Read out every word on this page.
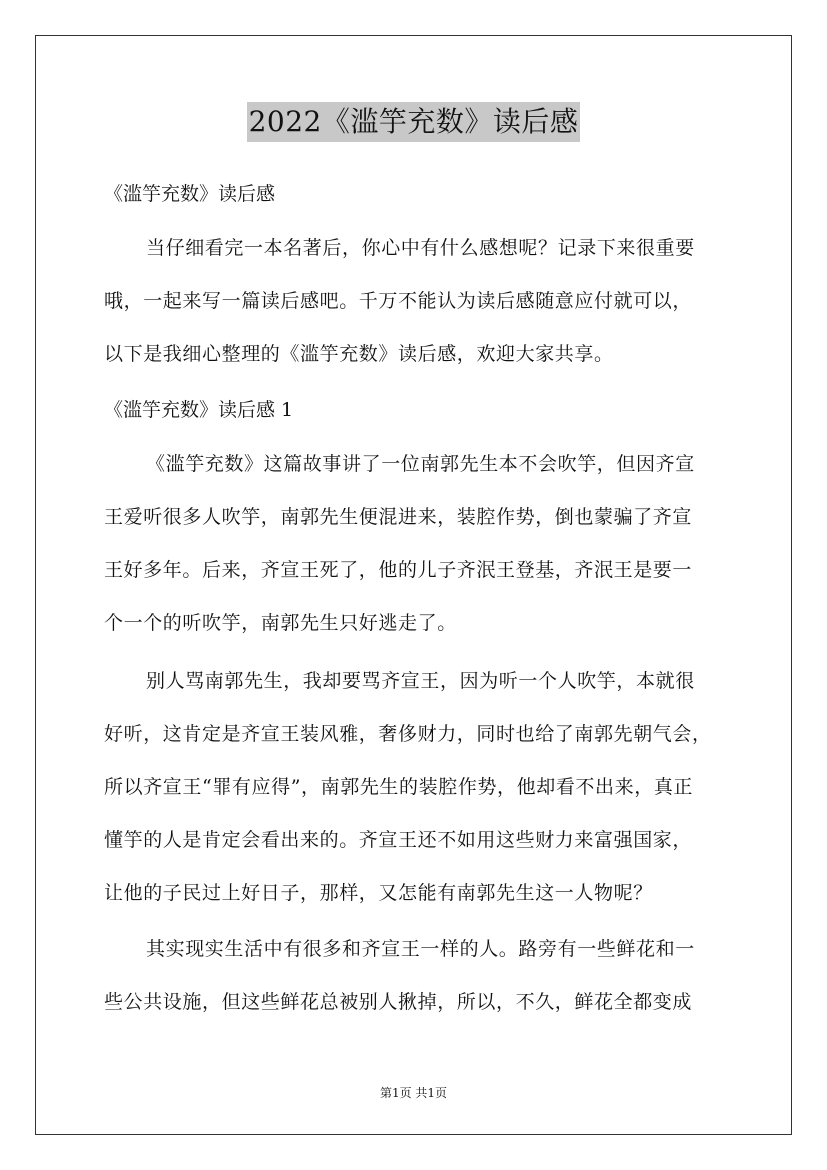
2022《滥竽充数》读后感
《滥竽充数》读后感
当仔细看完一本名著后，你心中有什么感想呢？记录下来很重要
哦，一起来写一篇读后感吧。千万不能认为读后感随意应付就可以，
以下是我细心整理的《滥竽充数》读后感，欢迎大家共享。
《滥竽充数》读后感 1
《滥竽充数》这篇故事讲了一位南郭先生本不会吹竽，但因齐宣
王爱听很多人吹竽，南郭先生便混进来，装腔作势，倒也蒙骗了齐宣
王好多年。后来，齐宣王死了，他的儿子齐泯王登基，齐泯王是要一
个一个的听吹竽，南郭先生只好逃走了。
别人骂南郭先生，我却要骂齐宣王，因为听一个人吹竽，本就很
好听，这肯定是齐宣王装风雅，奢侈财力，同时也给了南郭先朝气会，
所以齐宣王“罪有应得”，南郭先生的装腔作势，他却看不出来，真正
懂竽的人是肯定会看出来的。齐宣王还不如用这些财力来富强国家，
让他的子民过上好日子，那样，又怎能有南郭先生这一人物呢？
其实现实生活中有很多和齐宣王一样的人。路旁有一些鲜花和一
些公共设施，但这些鲜花总被别人揪掉，所以，不久，鲜花全都变成
第1页 共1页
